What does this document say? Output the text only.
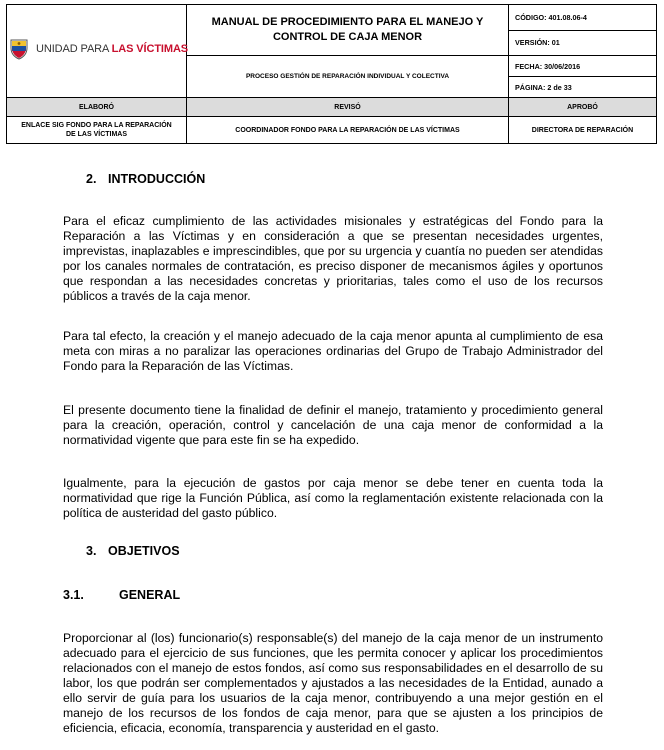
UNIDAD PARA LAS VÍCTIMAS	MANUAL DE PROCEDIMIENTO PARA EL MANEJO Y
CONTROL DE CAJA MENOR	CÓDIGO: 401.08.06-4
		VERSIÓN: 01
	PROCESO GESTIÓN DE REPARACIÓN INDIVIDUAL Y COLECTIVA	FECHA: 30/06/2016
		PÁGINA: 2 de 33
ELABORÓ	REVISÓ	APROBÓ
ENLACE SIG FONDO PARA LA REPARACIÓN DE LAS VÍCTIMAS	COORDINADOR FONDO PARA LA REPARACIÓN DE LAS VÍCTIMAS	DIRECTORA DE REPARACIÓN
2. INTRODUCCIÓN

Para el eficaz cumplimiento de las actividades misionales y estratégicas del Fondo para la Reparación a las Víctimas y en consideración a que se presentan necesidades urgentes, imprevistas, inaplazables e imprescindibles, que por su urgencia y cuantía no pueden ser atendidas por los canales normales de contratación, es preciso disponer de mecanismos ágiles y oportunos que respondan a las necesidades concretas y prioritarias, tales como el uso de los recursos públicos a través de la caja menor.

Para tal efecto, la creación y el manejo adecuado de la caja menor apunta al cumplimiento de esa meta con miras a no paralizar las operaciones ordinarias del Grupo de Trabajo Administrador del Fondo para la Reparación de las Víctimas.

El presente documento tiene la finalidad de definir el manejo, tratamiento y procedimiento general para la creación, operación, control y cancelación de una caja menor de conformidad a la normatividad vigente que para este fin se ha expedido.

Igualmente, para la ejecución de gastos por caja menor se debe tener en cuenta toda la normatividad que rige la Función Pública, así como la reglamentación existente relacionada con la política de austeridad del gasto público.

3. OBJETIVOS
3.1.	GENERAL

Proporcionar al (los) funcionario(s) responsable(s) del manejo de la caja menor de un instrumento adecuado para el ejercicio de sus funciones, que les permita conocer y aplicar los procedimientos relacionados con el manejo de estos fondos, así como sus responsabilidades en el desarrollo de su labor, los que podrán ser complementados y ajustados a las necesidades de la Entidad, aunado a ello servir de guía para los usuarios de la caja menor, contribuyendo a una mejor gestión en el manejo de los recursos de los fondos de caja menor, para que se ajusten a los principios de eficiencia, eficacia, economía, transparencia y austeridad en el gasto.
